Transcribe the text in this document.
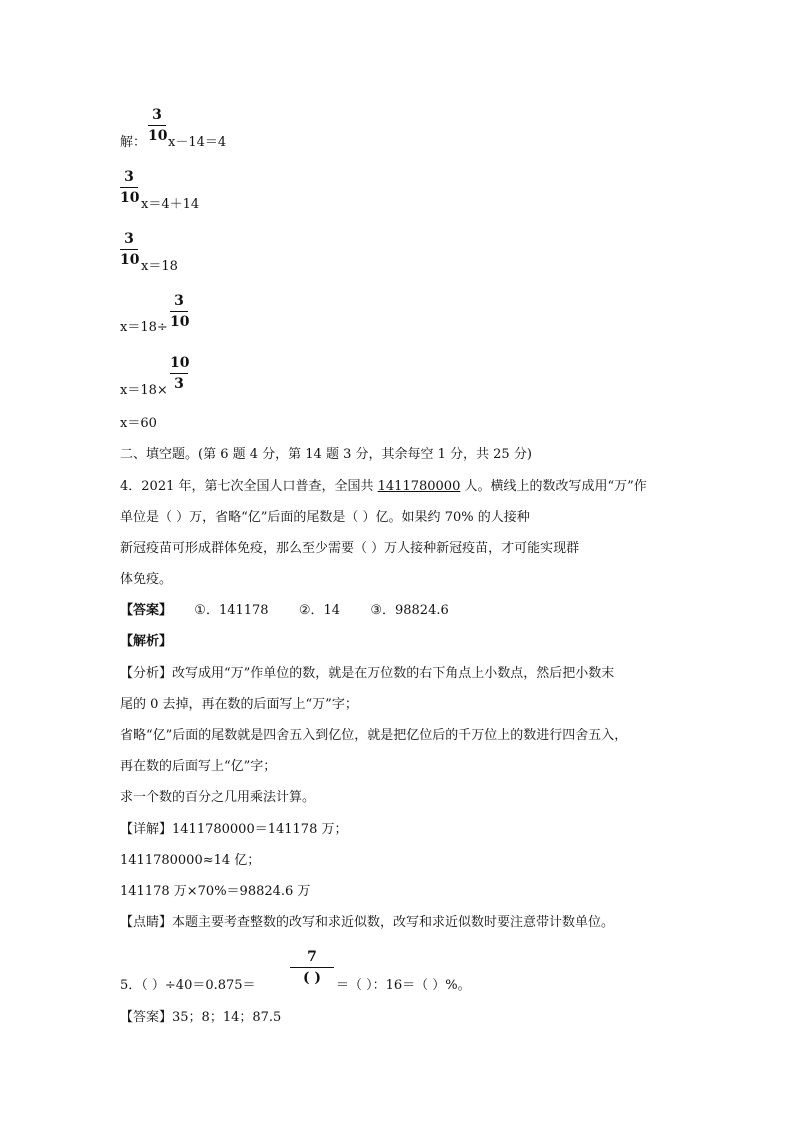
解：
3
10 x－14＝4
3
10 x＝4＋14
3
10 x＝18
x＝18÷
3
10
x＝18×
10
3
x＝60
二、填空题。(第 6 题 4 分，第 14 题 3 分，其余每空 1 分，共 25 分)
4．2021 年，第七次全国人口普查，全国共 1411780000 人。横线上的数改写成用“万”作
单位是（ ）万，省略“亿”后面的尾数是（ ）亿。如果约 70% 的人接种
新冠疫苗可形成群体免疫，那么至少需要（ ）万人接种新冠疫苗，才可能实现群
体免疫。
【答案】 ①．141178 ②．14 ③．98824.6
【解析】
【分析】改写成用“万”作单位的数，就是在万位数的右下角点上小数点，然后把小数末
尾的 0 去掉，再在数的后面写上“万”字；
省略“亿”后面的尾数就是四舍五入到亿位，就是把亿位后的千万位上的数进行四舍五入，
再在数的后面写上“亿”字；
求一个数的百分之几用乘法计算。
【详解】1411780000＝141178 万；
1411780000≈14 亿；
141178 万×70%＝98824.6 万
【点睛】本题主要考查整数的改写和求近似数，改写和求近似数时要注意带计数单位。
5．（ ）÷40＝0.875＝
7
( )	＝（ ）：16＝（ ）%。
【答案】35；8；14；87.5
